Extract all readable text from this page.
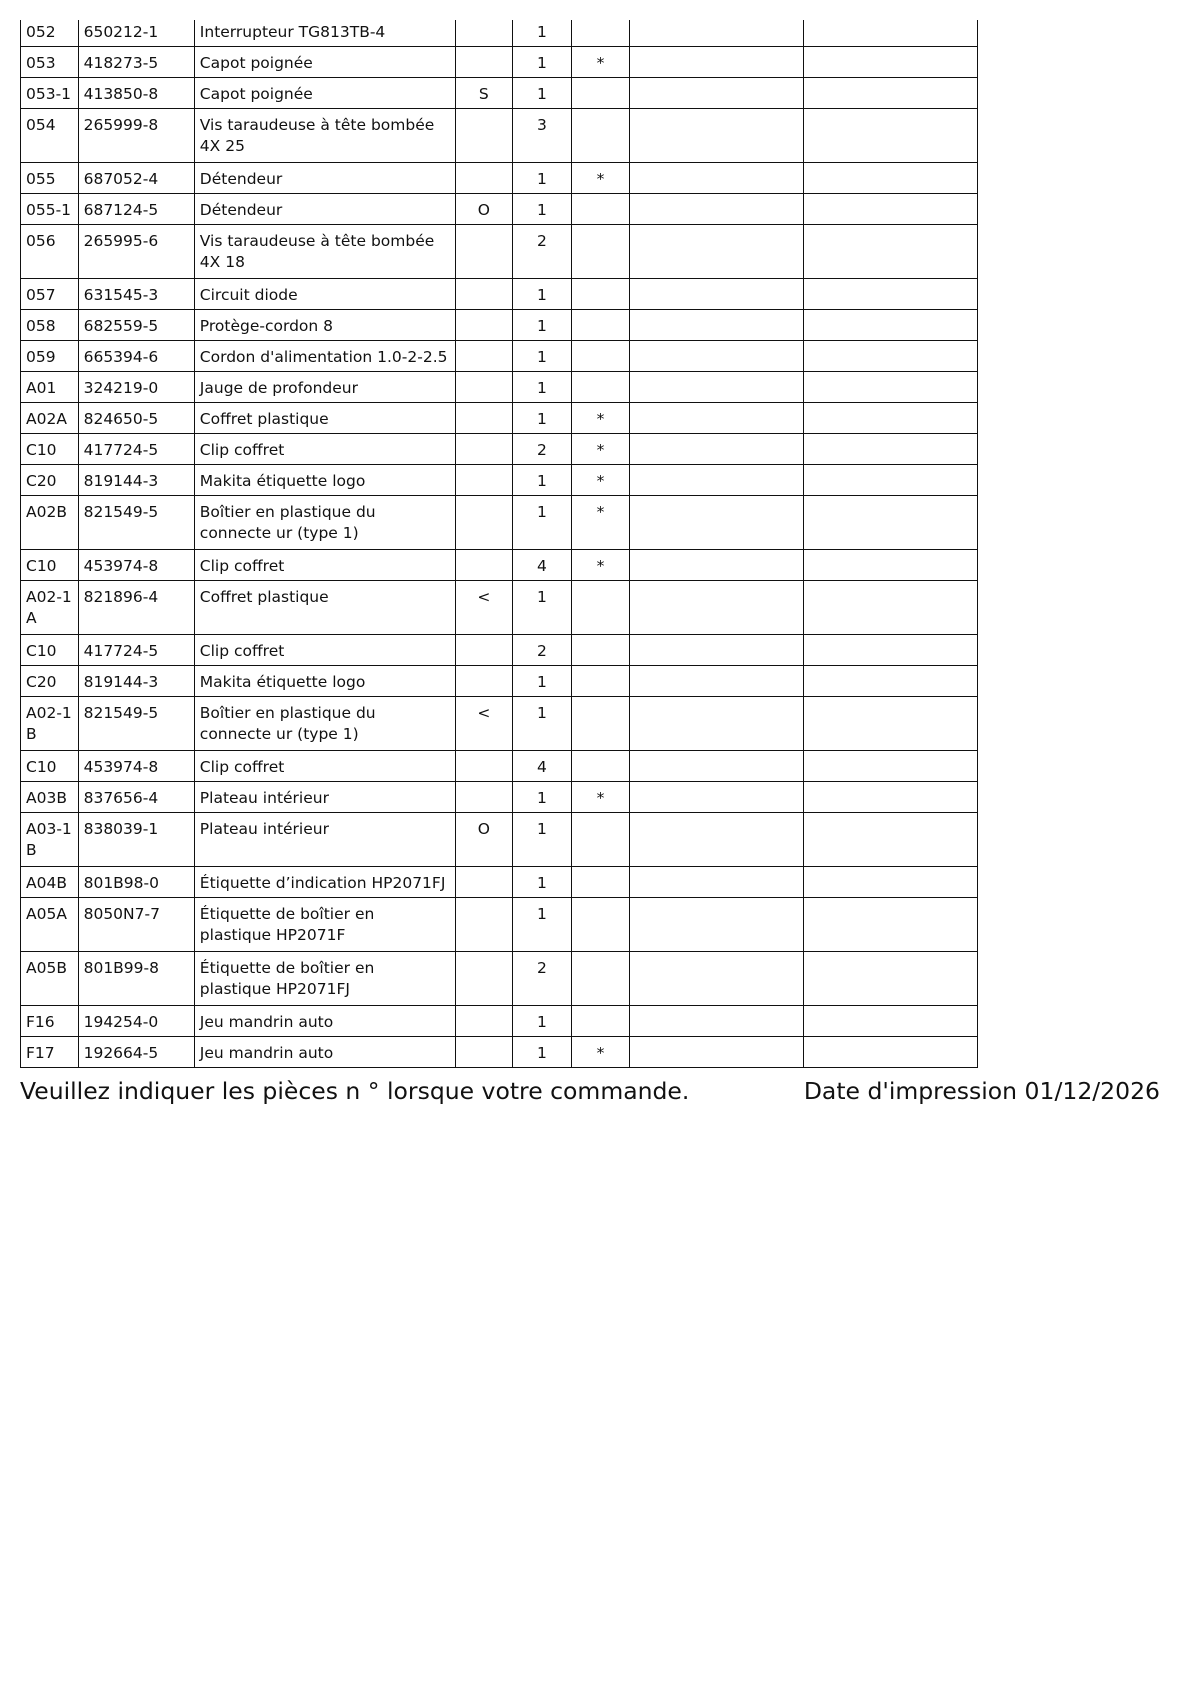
052	650212-1	Interrupteur TG813TB-4		1			
053	418273-5	Capot poignée		1	*		
053-1	413850-8	Capot poignée	S	1			
054	265999-8	Vis taraudeuse à tête bombée 4X 25		3			
055	687052-4	Détendeur		1	*		
055-1	687124-5	Détendeur	O	1			
056	265995-6	Vis taraudeuse à tête bombée 4X 18		2			
057	631545-3	Circuit diode		1			
058	682559-5	Protège-cordon 8		1			
059	665394-6	Cordon d'alimentation 1.0-2-2.5		1			
A01	324219-0	Jauge de profondeur		1			
A02A	824650-5	Coffret plastique		1	*		
C10	417724-5	Clip coffret		2	*		
C20	819144-3	Makita étiquette logo		1	*		
A02B	821549-5	Boîtier en plastique du connecte ur (type 1)		1	*		
C10	453974-8	Clip coffret		4	*		
A02-1A	821896-4	Coffret plastique	<	1			
C10	417724-5	Clip coffret		2			
C20	819144-3	Makita étiquette logo		1			
A02-1B	821549-5	Boîtier en plastique du connecte ur (type 1)	<	1			
C10	453974-8	Clip coffret		4			
A03B	837656-4	Plateau intérieur		1	*		
A03-1B	838039-1	Plateau intérieur	O	1			
A04B	801B98-0	Étiquette d’indication HP2071FJ		1			
A05A	8050N7-7	Étiquette de boîtier en plastique HP2071F		1			
A05B	801B99-8	Étiquette de boîtier en plastique HP2071FJ		2			
F16	194254-0	Jeu mandrin auto		1			
F17	192664-5	Jeu mandrin auto		1	*		
Veuillez indiquer les pièces n ° lorsque votre commande.	Date d'impression 01/12/2026
